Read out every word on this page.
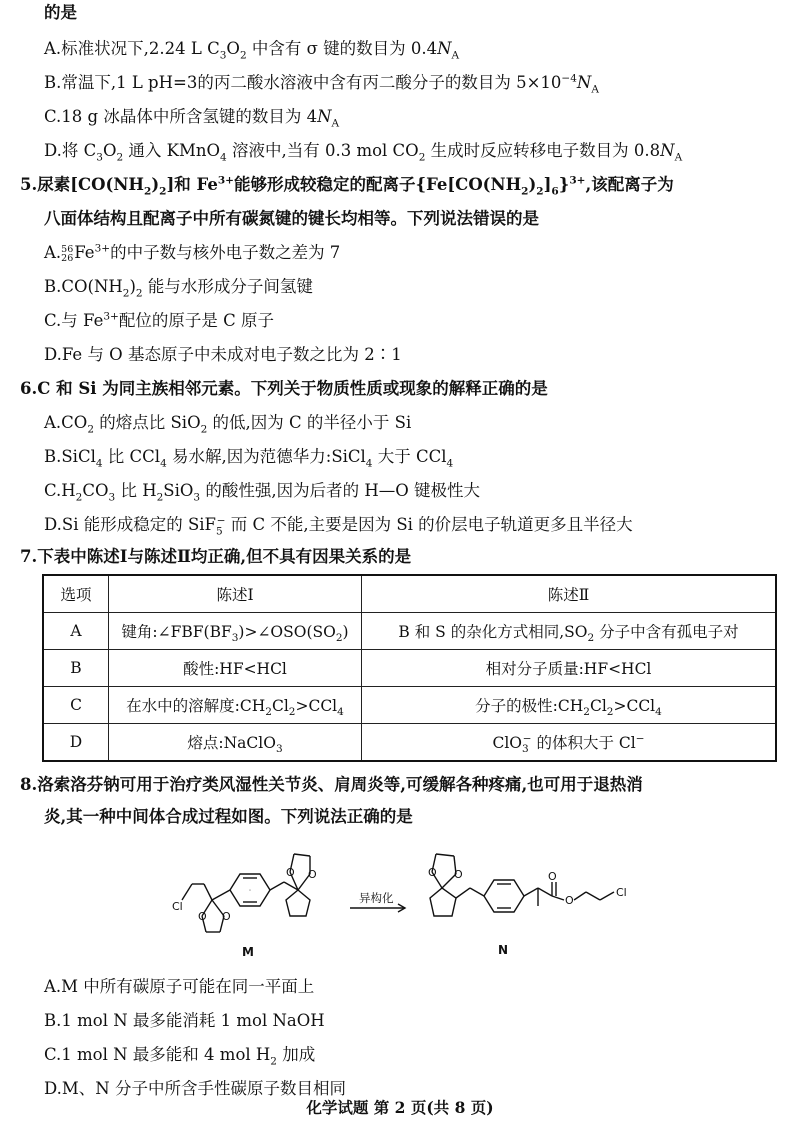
的是
A.标准状况下,2.24 L $C_3O_2$ 中含有 σ 键的数目为 $0.4N_A$
B.常温下,1 L pH=3的丙二酸水溶液中含有丙二酸分子的数目为 $5\times 10^{-4}N_A$
C.18 g 冰晶体中所含氢键的数目为 $4N_A$
D.将 $C_3O_2$ 通入 KMnO$_4$ 溶液中,当有 0.3 mol $CO_2$ 生成时反应转移电子数目为 $0.8N_A$
5.尿素$[CO(NH_2)_2]$和 $Fe^{3+}$能够形成较稳定的配离子$\{Fe[CO(NH_2)_2]_6\}^{3+}$,该配离子为
八面体结构且配离子中所有碳氮键的键长均相等。下列说法错误的是
A. 56
26 $Fe^{3+}$的中子数与核外电子数之差为 7
$B.CO(NH_2)_2$ 能与水形成分子间氢键
C.与 $Fe^{3+}$配位的原子是 C 原子
D.Fe 与 O 基态原子中未成对电子数之比为 2∶1
6.C 和 Si 为同主族相邻元素。下列关于物质性质或现象的解释正确的是
$A.CO_2$ 的熔点比 SiO$_2$ 的低,因为 C 的半径小于 Si
B.SiCl$_4$ 比 CCl$_4$ 易水解,因为范德华力:SiCl$_4$ 大于 CCl$_4$
$C.H_2CO_3$ 比 $H_2SiO_3$ 的酸性强,因为后者的 H—O 键极性大
D.Si 能形成稳定的 SiF$_5$− 而 C 不能,主要是因为 Si 的价层电子轨道更多且半径大
7.下表中陈述Ⅰ与陈述Ⅱ均正确,但不具有因果关系的是
选项	陈述Ⅰ	陈述Ⅱ
A	键角$:\angle FBF(BF_3)>\angle OSO(SO_2)$	B 和 S 的杂化方式相同$,SO_2$ 分子中含有孤电子对
B	酸性:HF<HCl	相对分子质量:HF<HCl
C	在水中的溶解度$:CH_2Cl_2>CCl_4$	分子的极性$:CH_2Cl_2>CCl_4$
D	熔点:NaClO$_3$	ClO$_3$− 的体积大于 Cl−
8.洛索洛芬钠可用于治疗类风湿性关节炎、肩周炎等,可缓解各种疼痛,也可用于退热消
炎,其一种中间体合成过程如图。下列说法正确的是
Cl
O O
O O	O O	O
O
Cl
异构化
M	N
A.M 中所有碳原子可能在同一平面上
B.1 mol N 最多能消耗 1 mol NaOH
C.1 mol N 最多能和 4 mol $H_2$ 加成
D.M、N 分子中所含手性碳原子数目相同
化学试题 第 2 页(共 8 页)
